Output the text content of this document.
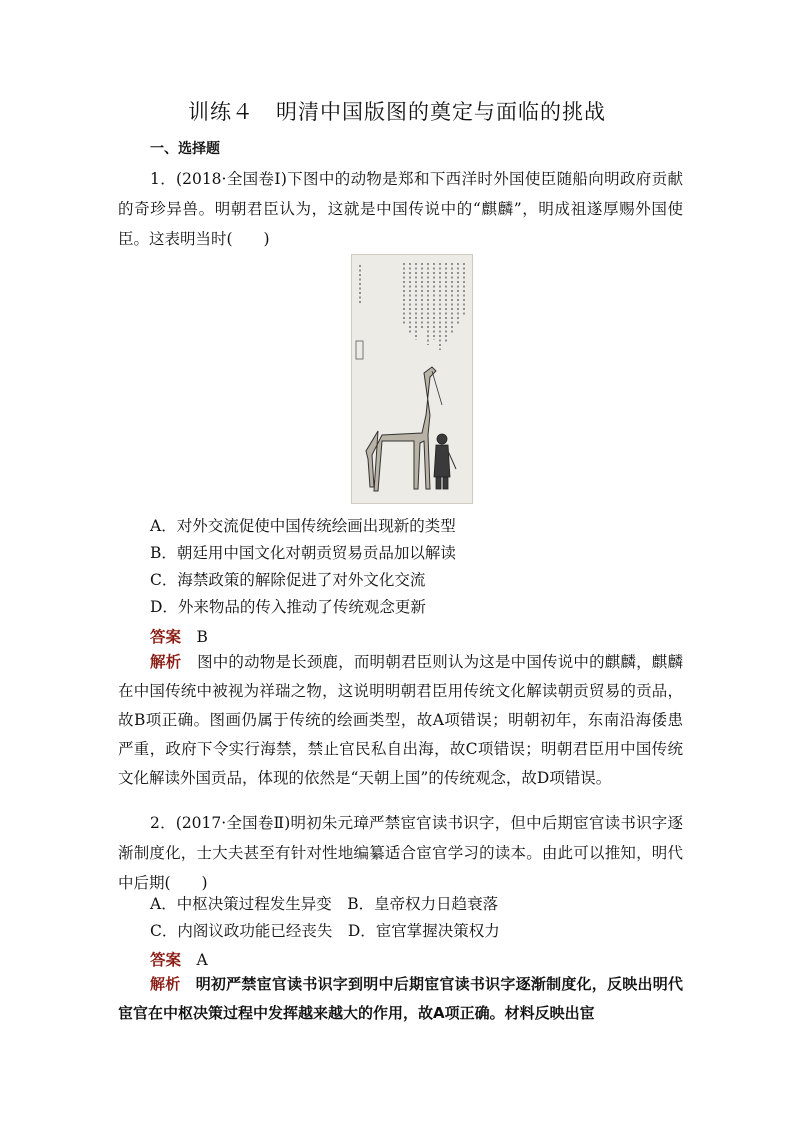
训练４　明清中国版图的奠定与面临的挑战
一、选择题
1．(2018·全国卷Ⅰ)下图中的动物是郑和下西洋时外国使臣随船向明政府贡献的奇珍异兽。明朝君臣认为，这就是中国传说中的“麒麟”，明成祖遂厚赐外国使臣。这表明当时(　　)
A．对外交流促使中国传统绘画出现新的类型
B．朝廷用中国文化对朝贡贸易贡品加以解读
C．海禁政策的解除促进了对外文化交流
D．外来物品的传入推动了传统观念更新
答案　 B
解析　 图中的动物是长颈鹿，而明朝君臣则认为这是中国传说中的麒麟，麒麟在中国传统中被视为祥瑞之物，这说明明朝君臣用传统文化解读朝贡贸易的贡品，故B项正确。图画仍属于传统的绘画类型，故A项错误；明朝初年，东南沿海倭患严重，政府下令实行海禁，禁止官民私自出海，故C项错误；明朝君臣用中国传统文化解读外国贡品，体现的依然是“天朝上国”的传统观念，故D项错误。
2．(2017·全国卷Ⅱ)明初朱元璋严禁宦官读书识字，但中后期宦官读书识字逐渐制度化，士大夫甚至有针对性地编纂适合宦官学习的读本。由此可以推知，明代中后期(　　)
A．中枢决策过程发生异变　B．皇帝权力日趋衰落
C．内阁议政功能已经丧失　D．宦官掌握决策权力
答案　 A
解析　 明初严禁宦官读书识字到明中后期宦官读书识字逐渐制度化，反映出明代宦官在中枢决策过程中发挥越来越大的作用，故A项正确。材料反映出宦
